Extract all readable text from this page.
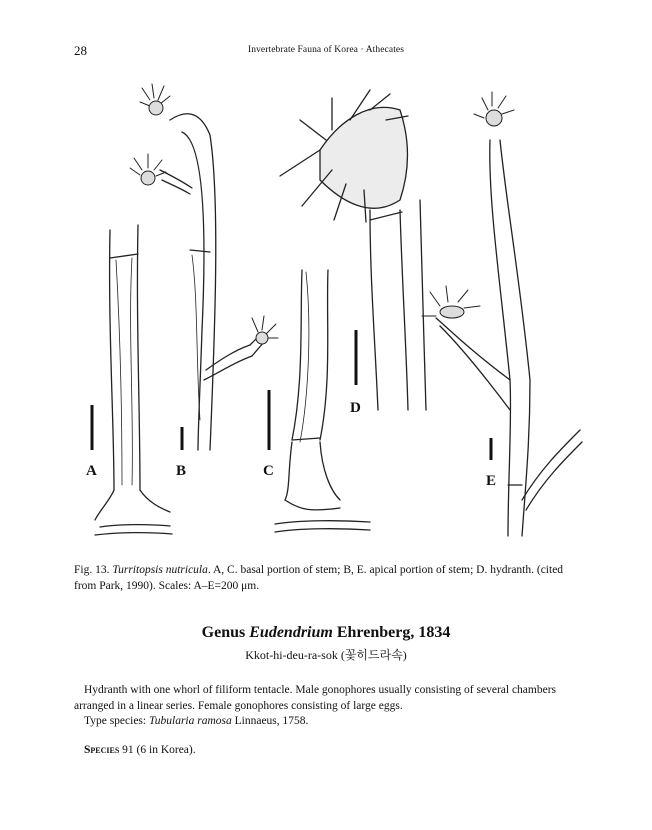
28	Invertebrate Fauna of Korea · Athecates
A	B	C
D
E
Fig. 13. Turritopsis nutricula. A, C. basal portion of stem; B, E. apical portion of stem; D. hydranth. (cited from Park, 1990). Scales: A–E=200 μm.
Genus Eudendrium Ehrenberg, 1834
Kkot-hi-deu-ra-sok (꽃히드라속)

Hydranth with one whorl of filiform tentacle. Male gonophores usually consisting of several chambers arranged in a linear series. Female gonophores consisting of large eggs.

Type species: Tubularia ramosa Linnaeus, 1758.

Species 91 (6 in Korea).
